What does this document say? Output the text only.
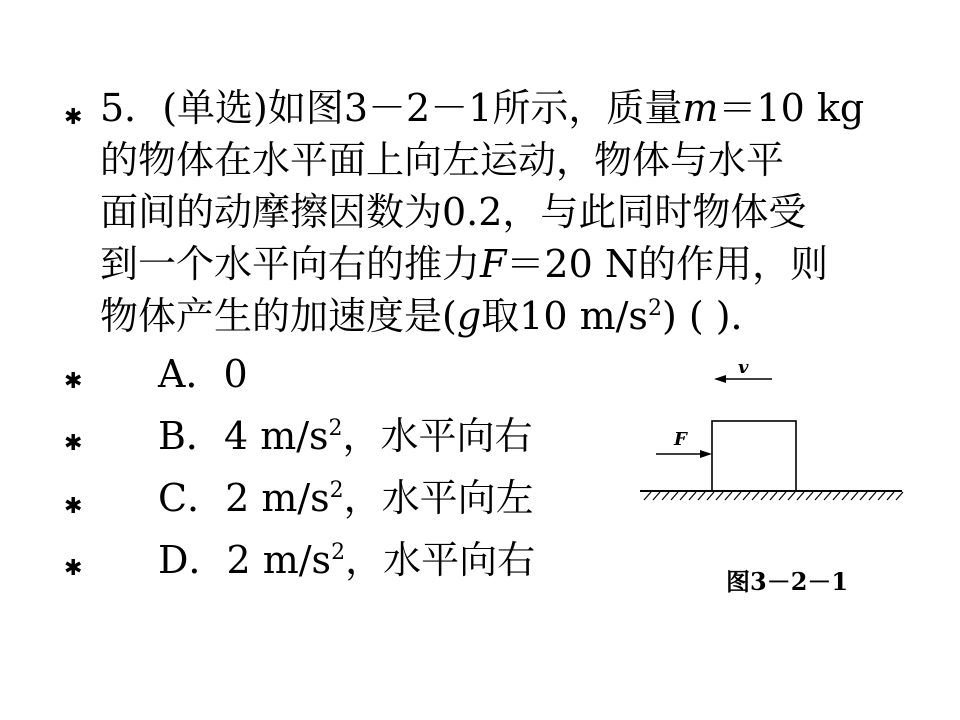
✱
✱
✱
✱
✱
5．(单选)如图3－2－1所示，质量m＝10 kg
的物体在水平面上向左运动，物体与水平
面间的动摩擦因数为0.2，与此同时物体受
到一个水平向右的推力F＝20 N的作用，则
物体产生的加速度是(g取10 $m/s^2$) ( )．
A．0
B．4 $m/s^2$，水平向右
C．2 $m/s^2$，水平向左
D．2 $m/s^2$，水平向右
v
F
图3－2－1
